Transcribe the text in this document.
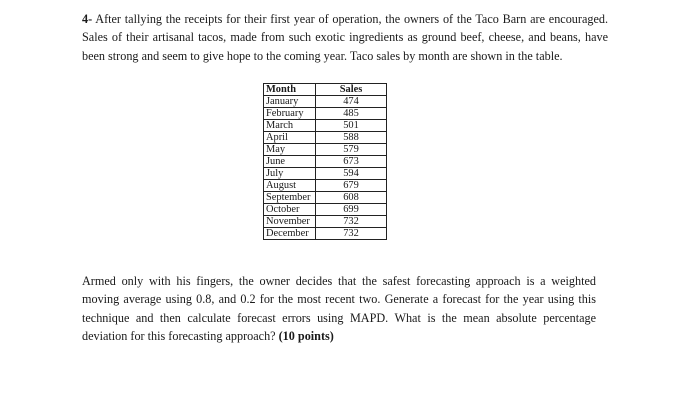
4- After tallying the receipts for their first year of operation, the owners of the Taco Barn are encouraged. Sales of their artisanal tacos, made from such exotic ingredients as ground beef, cheese, and beans, have been strong and seem to give hope to the coming year. Taco sales by month are shown in the table.

Month	Sales
January	474
February	485
March	501
April	588
May	579
June	673
July	594
August	679
September	608
October	699
November	732
December	732

Armed only with his fingers, the owner decides that the safest forecasting approach is a weighted moving average using 0.8, and 0.2 for the most recent two. Generate a forecast for the year using this technique and then calculate forecast errors using MAPD. What is the mean absolute percentage deviation for this forecasting approach? (10 points)
